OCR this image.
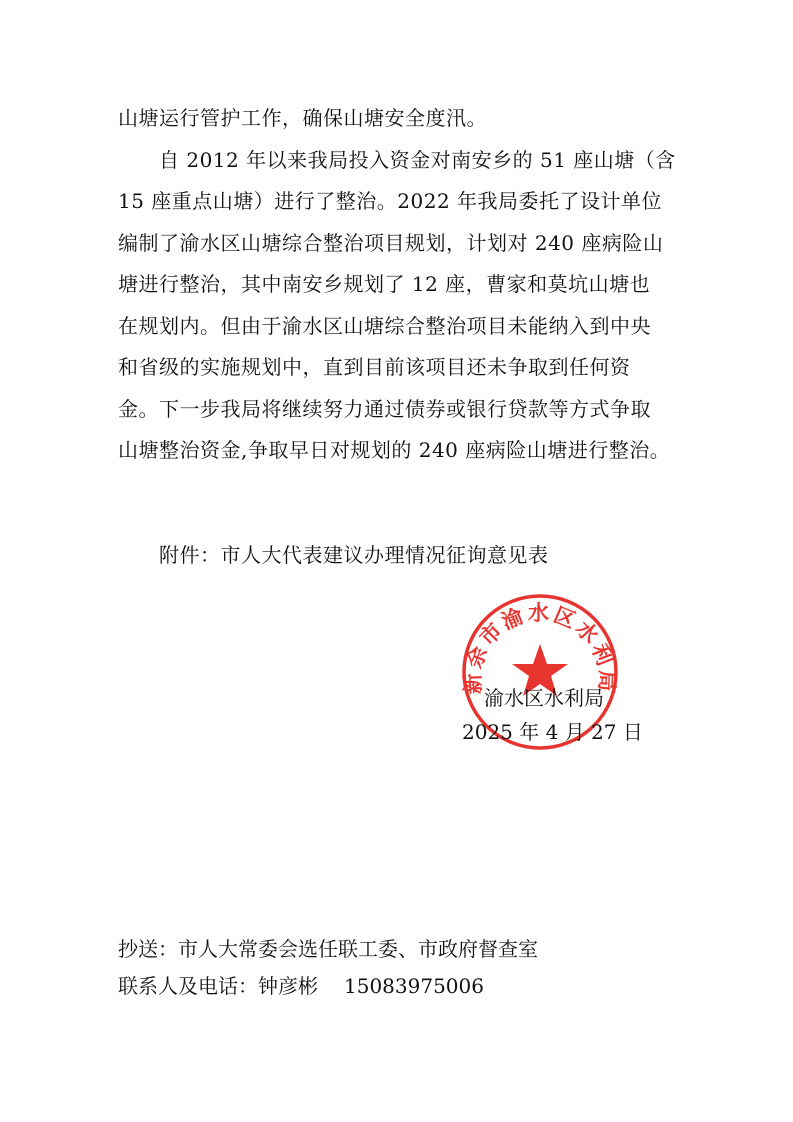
山塘运行管护工作，确保山塘安全度汛。
　　自 2012 年以来我局投入资金对南安乡的 51 座山塘（含
15 座重点山塘）进行了整治。2022 年我局委托了设计单位
编制了渝水区山塘综合整治项目规划，计划对 240 座病险山
塘进行整治，其中南安乡规划了 12 座，曹家和莫坑山塘也
在规划内。但由于渝水区山塘综合整治项目未能纳入到中央
和省级的实施规划中，直到目前该项目还未争取到任何资
金。下一步我局将继续努力通过债券或银行贷款等方式争取
山塘整治资金,争取早日对规划的 240 座病险山塘进行整治。
　　附件：市人大代表建议办理情况征询意见表
新余市渝水区水利局
渝水区水利局
2025 年 4 月 27 日
抄送：市人大常委会选任联工委、市政府督查室
联系人及电话：钟彦彬 15083975006
